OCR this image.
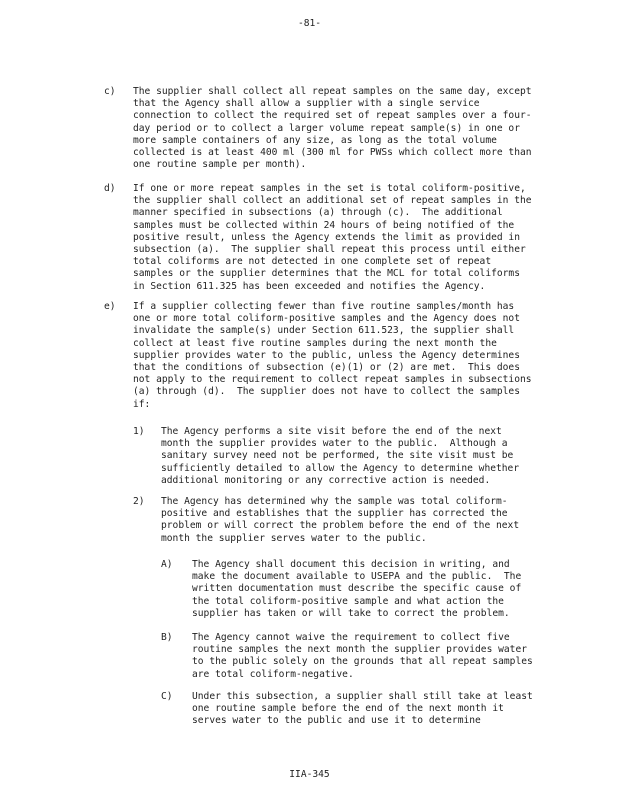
-81-
c) The supplier shall collect all repeat samples on the same day, except
that the Agency shall allow a supplier with a single service
connection to collect the required set of repeat samples over a four-
day period or to collect a larger volume repeat sample(s) in one or
more sample containers of any size, as long as the total volume
collected is at least 400 ml (300 ml for PWSs which collect more than
one routine sample per month).
d) If one or more repeat samples in the set is total coliform-positive,
the supplier shall collect an additional set of repeat samples in the
manner specified in subsections (a) through (c).  The additional
samples must be collected within 24 hours of being notified of the
positive result, unless the Agency extends the limit as provided in
subsection (a).  The supplier shall repeat this process until either
total coliforms are not detected in one complete set of repeat
samples or the supplier determines that the MCL for total coliforms
in Section 611.325 has been exceeded and notifies the Agency.
e) If a supplier collecting fewer than five routine samples/month has
one or more total coliform-positive samples and the Agency does not
invalidate the sample(s) under Section 611.523, the supplier shall
collect at least five routine samples during the next month the
supplier provides water to the public, unless the Agency determines
that the conditions of subsection (e)(1) or (2) are met.  This does
not apply to the requirement to collect repeat samples in subsections
(a) through (d).  The supplier does not have to collect the samples
if:
1) The Agency performs a site visit before the end of the next
month the supplier provides water to the public.  Although a
sanitary survey need not be performed, the site visit must be
sufficiently detailed to allow the Agency to determine whether
additional monitoring or any corrective action is needed.
2) The Agency has determined why the sample was total coliform-
positive and establishes that the supplier has corrected the
problem or will correct the problem before the end of the next
month the supplier serves water to the public.
A) The Agency shall document this decision in writing, and
make the document available to USEPA and the public.  The
written documentation must describe the specific cause of
the total coliform-positive sample and what action the
supplier has taken or will take to correct the problem.
B) The Agency cannot waive the requirement to collect five
routine samples the next month the supplier provides water
to the public solely on the grounds that all repeat samples
are total coliform-negative.
C) Under this subsection, a supplier shall still take at least
one routine sample before the end of the next month it
serves water to the public and use it to determine
IIA-345
